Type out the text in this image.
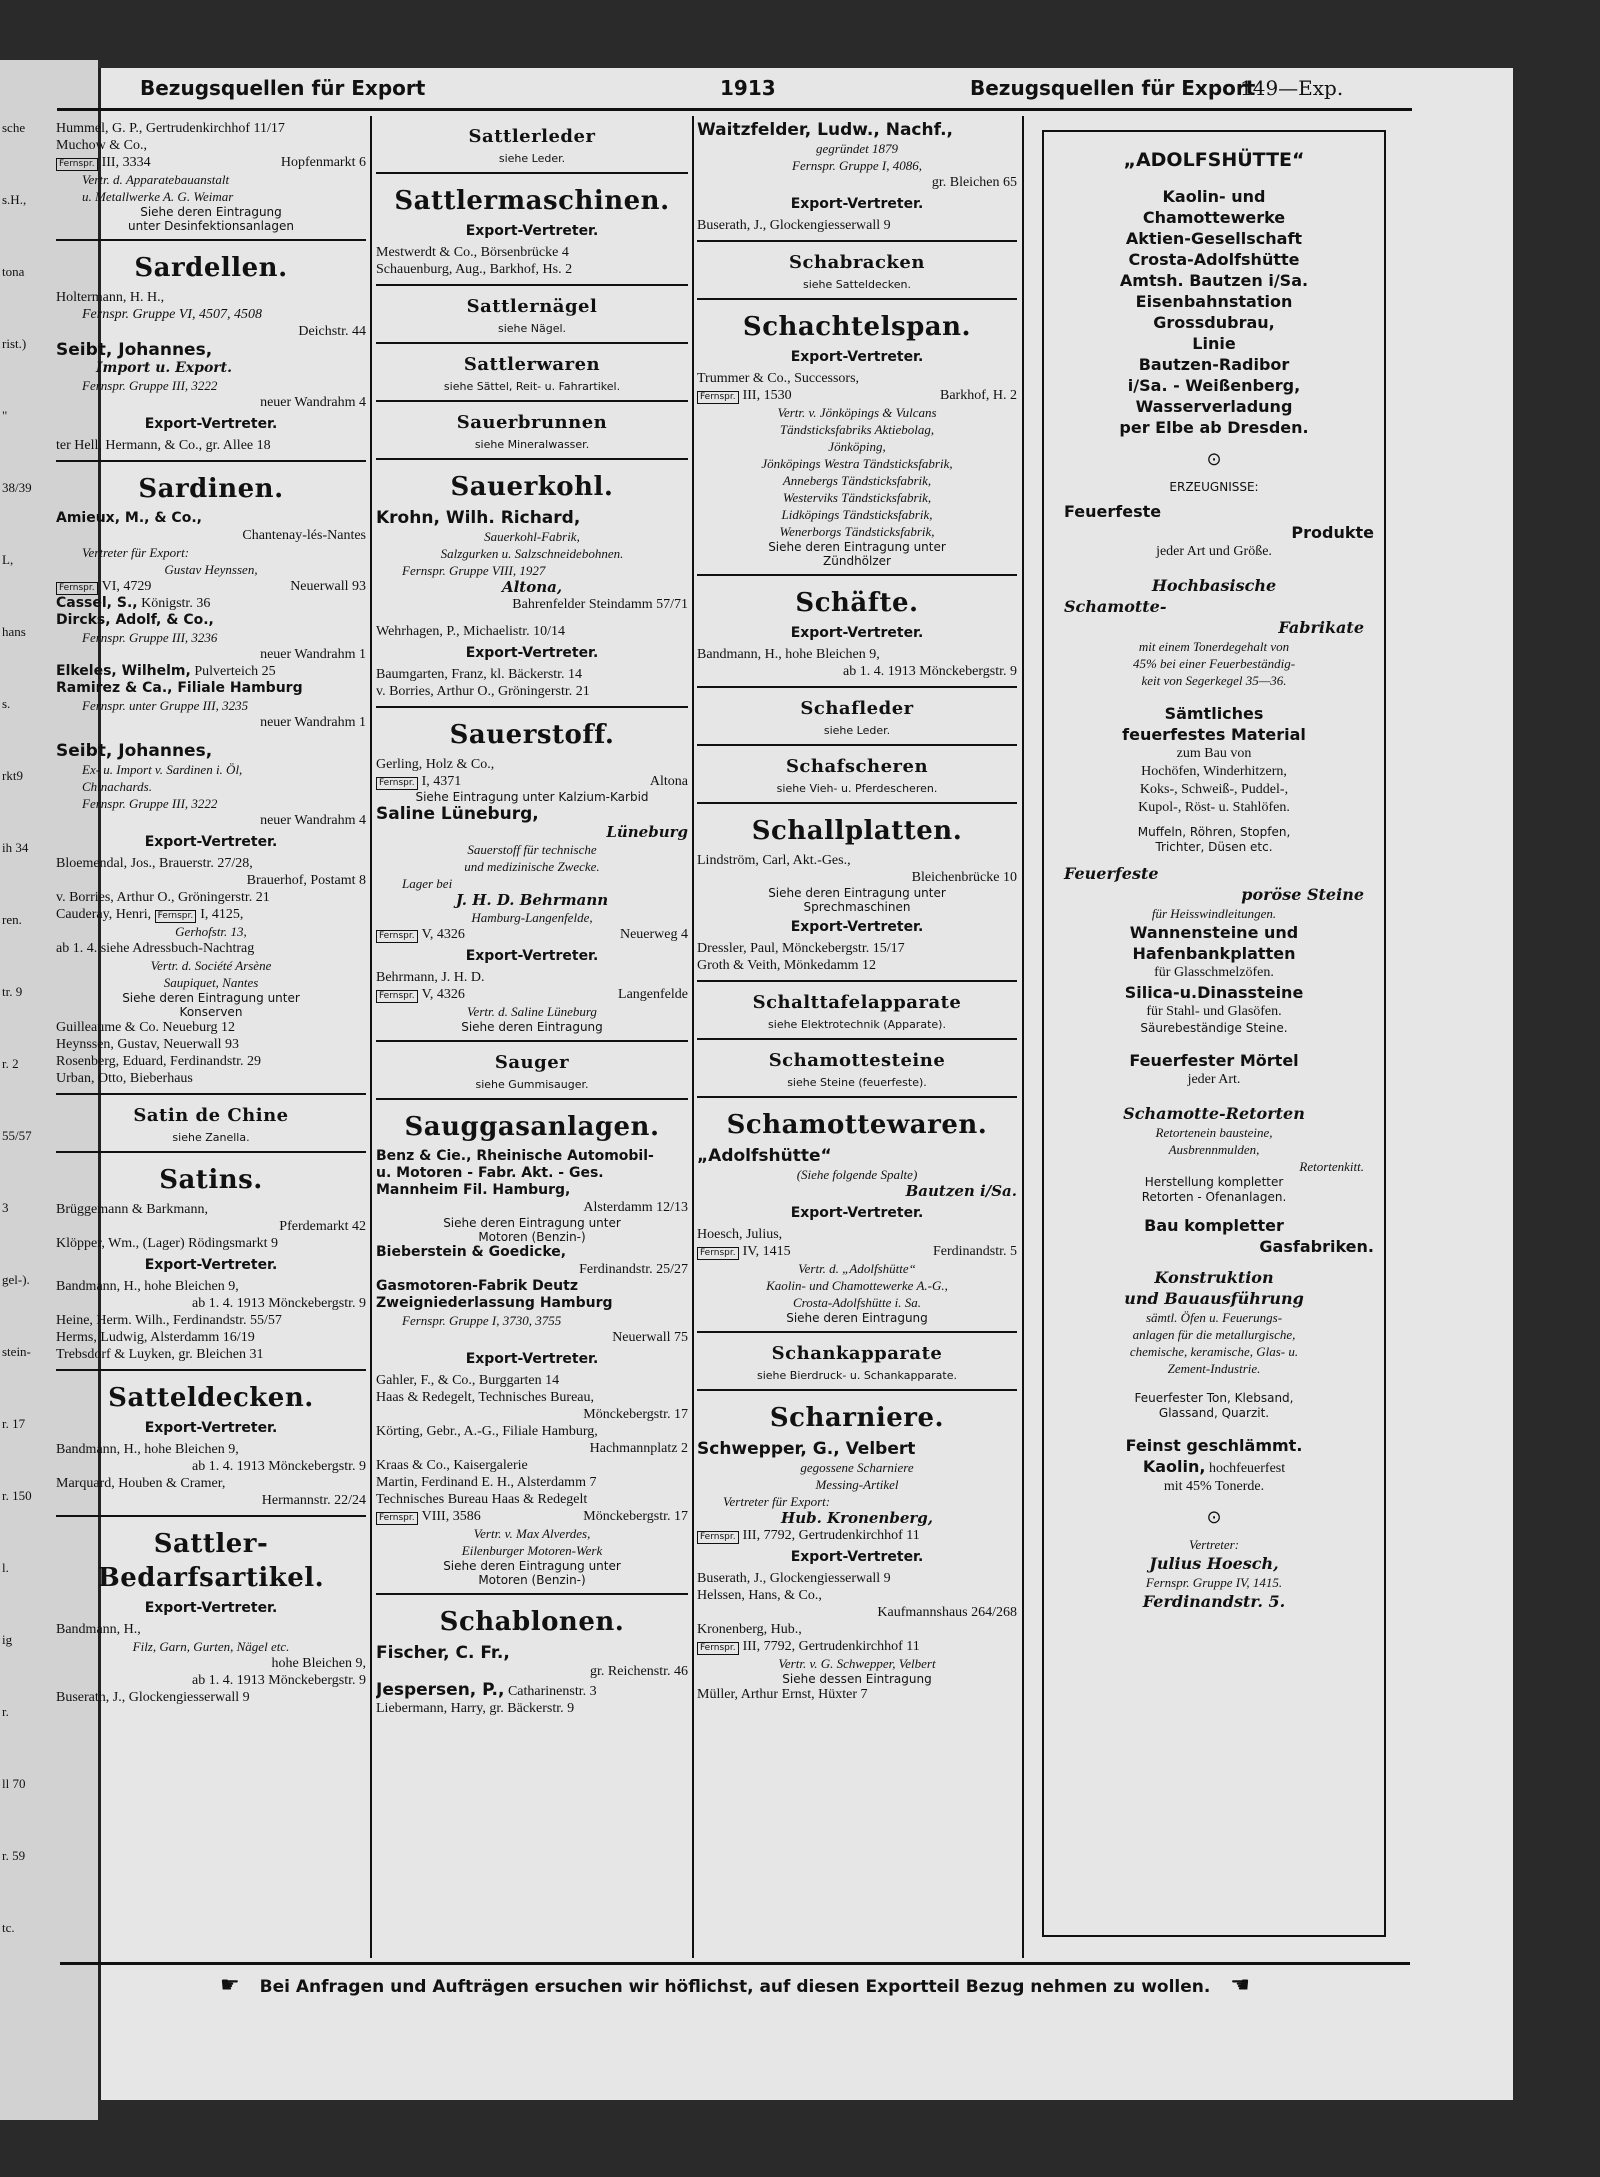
sche
s.H.,
tona
rist.)
"
38/39
L,
hans
s.
rkt9
ih 34
ren.
tr. 9
r. 2
55/57
3
gel-).
stein-
r. 17
r. 150
l.
ig
r.
ll 70
r. 59
tc.
Bezugsquellen für Export	1913	Bezugsquellen für Export
149—Exp.
Hummel, G. P., Gertrudenkirchhof 11/17
Muchow & Co.,
Fernspr. III, 3334	Hopfenmarkt 6
Vertr. d. Apparatebauanstalt
u. Metallwerke A. G. Weimar
Siehe deren Eintragung
unter Desinfektionsanlagen
Sardellen.
Holtermann, H. H.,
Fernspr. Gruppe VI, 4507, 4508
Deichstr. 44
Seibt, Johannes,
Import u. Export.
Fernspr. Gruppe III, 3222
neuer Wandrahm 4
Export-Vertreter.
ter Hell, Hermann, & Co., gr. Allee 18
Sardinen.
Amieux, M., & Co.,
Chantenay-lés-Nantes
Vertreter für Export:
Gustav Heynssen,
Fernspr. VI, 4729	Neuerwall 93
Cassel, S., Königstr. 36
Dircks, Adolf, & Co.,
Fernspr. Gruppe III, 3236
neuer Wandrahm 1
Elkeles, Wilhelm, Pulverteich 25
Ramirez & Ca., Filiale Hamburg
Fernspr. unter Gruppe III, 3235
neuer Wandrahm 1
Seibt, Johannes,
Ex- u. Import v. Sardinen i. Öl,
Chinachards.
Fernspr. Gruppe III, 3222
neuer Wandrahm 4
Export-Vertreter.
Bloemendal, Jos., Brauerstr. 27/28,
Brauerhof, Postamt 8
v. Borries, Arthur O., Gröningerstr. 21
Cauderay, Henri, Fernspr. I, 4125,
Gerhofstr. 13,
ab 1. 4. siehe Adressbuch-Nachtrag
Vertr. d. Société Arsène
Saupiquet, Nantes
Siehe deren Eintragung unter
Konserven
Guilleaume & Co. Neueburg 12
Heynssen, Gustav, Neuerwall 93
Rosenberg, Eduard, Ferdinandstr. 29
Urban, Otto, Bieberhaus
Satin de Chine
siehe Zanella.
Satins.
Brüggemann & Barkmann,
Pferdemarkt 42
Klöpper, Wm., (Lager) Rödingsmarkt 9
Export-Vertreter.
Bandmann, H., hohe Bleichen 9,
ab 1. 4. 1913 Mönckebergstr. 9
Heine, Herm. Wilh., Ferdinandstr. 55/57
Herms, Ludwig, Alsterdamm 16/19
Trebsdorf & Luyken, gr. Bleichen 31
Satteldecken.
Export-Vertreter.
Bandmann, H., hohe Bleichen 9,
ab 1. 4. 1913 Mönckebergstr. 9
Marquard, Houben & Cramer,
Hermannstr. 22/24
Sattler-Bedarfsartikel.
Export-Vertreter.
Bandmann, H.,
Filz, Garn, Gurten, Nägel etc.
hohe Bleichen 9,
ab 1. 4. 1913 Mönckebergstr. 9
Buserath, J., Glockengiesserwall 9
Sattlerleder
siehe Leder.
Sattlermaschinen.
Export-Vertreter.
Mestwerdt & Co., Börsenbrücke 4
Schauenburg, Aug., Barkhof, Hs. 2
Sattlernägel
siehe Nägel.
Sattlerwaren
siehe Sättel, Reit- u. Fahrartikel.
Sauerbrunnen
siehe Mineralwasser.
Sauerkohl.
Krohn, Wilh. Richard,
Sauerkohl-Fabrik,
Salzgurken u. Salzschneidebohnen.
Fernspr. Gruppe VIII, 1927
Altona,
Bahrenfelder Steindamm 57/71
Wehrhagen, P., Michaelistr. 10/14
Export-Vertreter.
Baumgarten, Franz, kl. Bäckerstr. 14
v. Borries, Arthur O., Gröningerstr. 21
Sauerstoff.
Gerling, Holz & Co.,
Fernspr. I, 4371	Altona
Siehe Eintragung unter Kalzium-Karbid
Saline Lüneburg,
Lüneburg
Sauerstoff für technische
und medizinische Zwecke.
Lager bei
J. H. D. Behrmann
Hamburg-Langenfelde,
Fernspr. V, 4326	Neuerweg 4
Export-Vertreter.
Behrmann, J. H. D.
Fernspr. V, 4326	Langenfelde
Vertr. d. Saline Lüneburg
Siehe deren Eintragung
Sauger
siehe Gummisauger.
Sauggasanlagen.
Benz & Cie., Rheinische Automobil-
u. Motoren - Fabr. Akt. - Ges.
Mannheim Fil. Hamburg,
Alsterdamm 12/13
Siehe deren Eintragung unter
Motoren (Benzin-)
Bieberstein & Goedicke,
Ferdinandstr. 25/27
Gasmotoren-Fabrik Deutz
Zweigniederlassung Hamburg
Fernspr. Gruppe I, 3730, 3755
Neuerwall 75
Export-Vertreter.
Gahler, F., & Co., Burggarten 14
Haas & Redegelt, Technisches Bureau,
Mönckebergstr. 17
Körting, Gebr., A.-G., Filiale Hamburg,
Hachmannplatz 2
Kraas & Co., Kaisergalerie
Martin, Ferdinand E. H., Alsterdamm 7
Technisches Bureau Haas & Redegelt
Fernspr. VIII, 3586	Mönckebergstr. 17
Vertr. v. Max Alverdes,
Eilenburger Motoren-Werk
Siehe deren Eintragung unter
Motoren (Benzin-)
Schablonen.
Fischer, C. Fr.,
gr. Reichenstr. 46
Jespersen, P., Catharinenstr. 3
Liebermann, Harry, gr. Bäckerstr. 9
Waitzfelder, Ludw., Nachf.,
gegründet 1879
Fernspr. Gruppe I, 4086,
gr. Bleichen 65
Export-Vertreter.
Buserath, J., Glockengiesserwall 9
Schabracken
siehe Satteldecken.
Schachtelspan.
Export-Vertreter.
Trummer & Co., Successors,
Fernspr. III, 1530	Barkhof, H. 2
Vertr. v. Jönköpings & Vulcans
Tändsticksfabriks Aktiebolag,
Jönköping,
Jönköpings Westra Tändsticksfabrik,
Annebergs Tändsticksfabrik,
Westerviks Tändsticksfabrik,
Lidköpings Tändsticksfabrik,
Wenerborgs Tändsticksfabrik,
Siehe deren Eintragung unter
Zündhölzer
Schäfte.
Export-Vertreter.
Bandmann, H., hohe Bleichen 9,
ab 1. 4. 1913 Mönckebergstr. 9
Schafleder
siehe Leder.
Schafscheren
siehe Vieh- u. Pferdescheren.
Schallplatten.
Lindström, Carl, Akt.-Ges.,
Bleichenbrücke 10
Siehe deren Eintragung unter
Sprechmaschinen
Export-Vertreter.
Dressler, Paul, Mönckebergstr. 15/17
Groth & Veith, Mönkedamm 12
Schalttafelapparate
siehe Elektrotechnik (Apparate).
Schamottesteine
siehe Steine (feuerfeste).
Schamottewaren.
„Adolfshütte“
(Siehe folgende Spalte)
Bautzen i/Sa.
Export-Vertreter.
Hoesch, Julius,
Fernspr. IV, 1415	Ferdinandstr. 5
Vertr. d. „Adolfshütte“
Kaolin- und Chamottewerke A.-G.,
Crosta-Adolfshütte i. Sa.
Siehe deren Eintragung
Schankapparate
siehe Bierdruck- u. Schankapparate.
Scharniere.
Schwepper, G., Velbert
gegossene Scharniere
Messing-Artikel
Vertreter für Export:
Hub. Kronenberg,
Fernspr. III, 7792, Gertrudenkirchhof 11
Export-Vertreter.
Buserath, J., Glockengiesserwall 9
Helssen, Hans, & Co.,
Kaufmannshaus 264/268
Kronenberg, Hub.,
Fernspr. III, 7792, Gertrudenkirchhof 11
Vertr. v. G. Schwepper, Velbert
Siehe dessen Eintragung
Müller, Arthur Ernst, Hüxter 7
„ADOLFSHÜTTE“
Kaolin- und
Chamottewerke
Aktien-Gesellschaft
Crosta-Adolfshütte
Amtsh. Bautzen i/Sa.
Eisenbahnstation
Grossdubrau,
Linie
Bautzen-Radibor
i/Sa. - Weißenberg,
Wasserverladung
per Elbe ab Dresden.
⊙
ERZEUGNISSE:
Feuerfeste
Produkte
jeder Art und Größe.
Hochbasische
Schamotte-
Fabrikate
mit einem Tonerdegehalt von
45% bei einer Feuerbeständig-
keit von Segerkegel 35—36.
Sämtliches
feuerfestes Material
zum Bau von
Hochöfen, Winderhitzern,
Koks-, Schweiß-, Puddel-,
Kupol-, Röst- u. Stahlöfen.
Muffeln, Röhren, Stopfen,
Trichter, Düsen etc.
Feuerfeste
poröse Steine
für Heisswindleitungen.
Wannensteine und
Hafenbankplatten
für Glasschmelzöfen.
Silica-u.Dinassteine
für Stahl- und Glasöfen.
Säurebeständige Steine.
Feuerfester Mörtel
jeder Art.
Schamotte-Retorten
Retortenein bausteine,
Ausbrennmulden,
Retortenkitt.
Herstellung kompletter
Retorten - Ofenanlagen.
Bau kompletter
Gasfabriken.
Konstruktion
und Bauausführung
sämtl. Öfen u. Feuerungs-
anlagen für die metallurgische,
chemische, keramische, Glas- u.
Zement-Industrie.
Feuerfester Ton, Klebsand,
Glassand, Quarzit.
Feinst geschlämmt.
Kaolin, hochfeuerfest
mit 45% Tonerde.
⊙
Vertreter:
Julius Hoesch,
Fernspr. Gruppe IV, 1415.
Ferdinandstr. 5.
☛ Bei Anfragen und Aufträgen ersuchen wir höflichst, auf diesen Exportteil Bezug nehmen zu wollen. ☚
